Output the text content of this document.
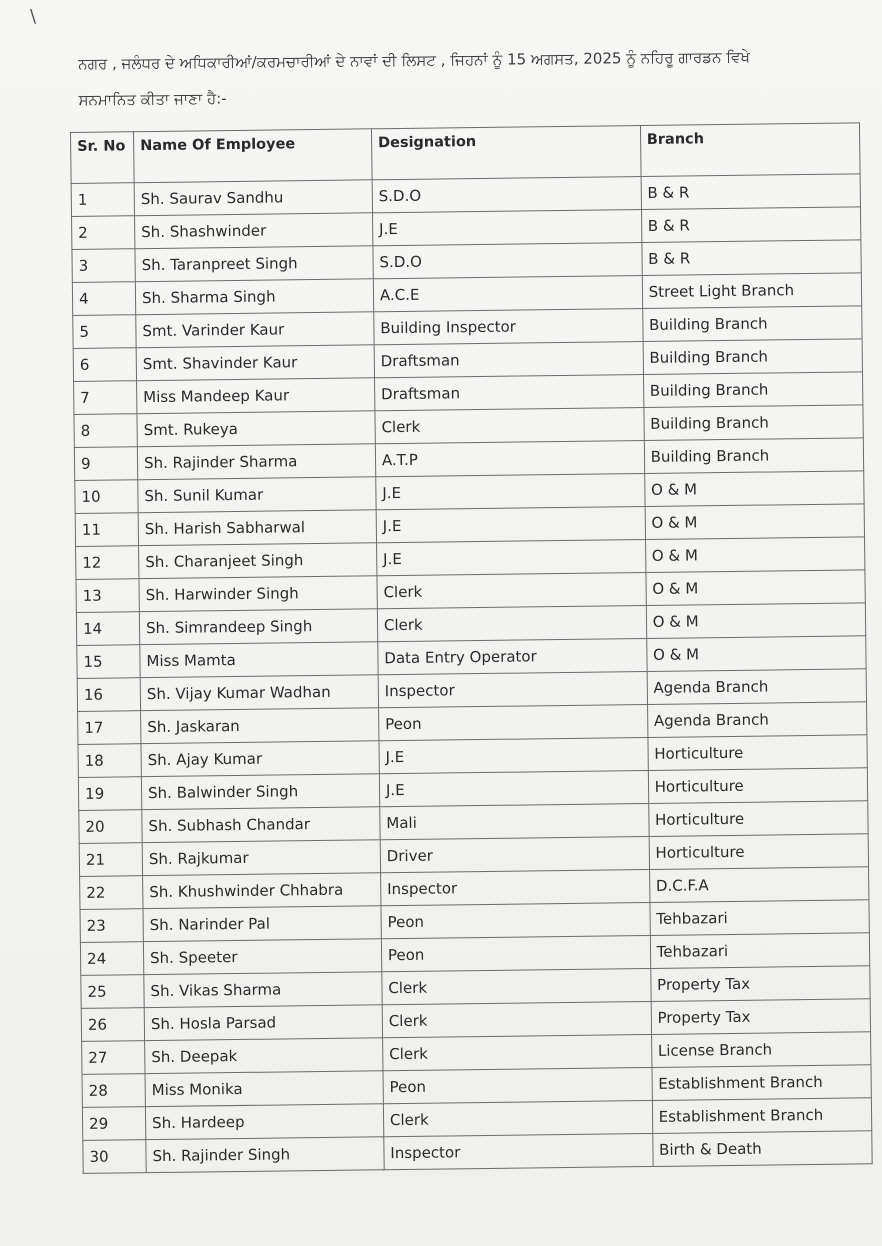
\
ਨਗਰ , ਜਲੰਧਰ ਦੇ ਅਧਿਕਾਰੀਆਂ/ਕਰਮਚਾਰੀਆਂ ਦੇ ਨਾਵਾਂ ਦੀ ਲਿਸਟ , ਜਿਹਨਾਂ ਨੂੰ 15 ਅਗਸਤ, 2025 ਨੂੰ ਨਹਿਰੂ ਗਾਰਡਨ ਵਿਖੇ ਸਨਮਾਨਿਤ ਕੀਤਾ ਜਾਣਾ ਹੈ:-
Sr. No	Name Of Employee	Designation	Branch
1	Sh. Saurav Sandhu	S.D.O	B & R
2	Sh. Shashwinder	J.E	B & R
3	Sh. Taranpreet Singh	S.D.O	B & R
4	Sh. Sharma Singh	A.C.E	Street Light Branch
5	Smt. Varinder Kaur	Building Inspector	Building Branch
6	Smt. Shavinder Kaur	Draftsman	Building Branch
7	Miss Mandeep Kaur	Draftsman	Building Branch
8	Smt. Rukeya	Clerk	Building Branch
9	Sh. Rajinder Sharma	A.T.P	Building Branch
10	Sh. Sunil Kumar	J.E	O & M
11	Sh. Harish Sabharwal	J.E	O & M
12	Sh. Charanjeet Singh	J.E	O & M
13	Sh. Harwinder Singh	Clerk	O & M
14	Sh. Simrandeep Singh	Clerk	O & M
15	Miss Mamta	Data Entry Operator	O & M
16	Sh. Vijay Kumar Wadhan	Inspector	Agenda Branch
17	Sh. Jaskaran	Peon	Agenda Branch
18	Sh. Ajay Kumar	J.E	Horticulture
19	Sh. Balwinder Singh	J.E	Horticulture
20	Sh. Subhash Chandar	Mali	Horticulture
21	Sh. Rajkumar	Driver	Horticulture
22	Sh. Khushwinder Chhabra	Inspector	D.C.F.A
23	Sh. Narinder Pal	Peon	Tehbazari
24	Sh. Speeter	Peon	Tehbazari
25	Sh. Vikas Sharma	Clerk	Property Tax
26	Sh. Hosla Parsad	Clerk	Property Tax
27	Sh. Deepak	Clerk	License Branch
28	Miss Monika	Peon	Establishment Branch
29	Sh. Hardeep	Clerk	Establishment Branch
30	Sh. Rajinder Singh	Inspector	Birth & Death
